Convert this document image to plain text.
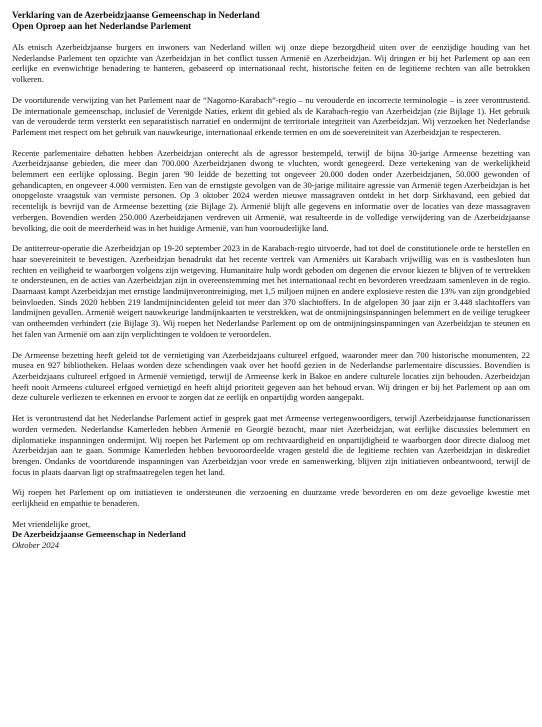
Verklaring van de Azerbeidzjaanse Gemeenschap in Nederland

Open Oproep aan het Nederlandse Parlement

Als etnisch Azerbeidzjaanse burgers en inwoners van Nederland willen wij onze diepe bezorgdheid uiten over de eenzijdige houding van het Nederlandse Parlement ten opzichte van Azerbeidzjan in het conflict tussen Armenië en Azerbeidzjan. Wij dringen er bij het Parlement op aan een eerlijke en evenwichtige benadering te hanteren, gebaseerd op internationaal recht, historische feiten en de legitieme rechten van alle betrokken volkeren.

De voortdurende verwijzing van het Parlement naar de “Nagorno-Karabach”-regio – nu verouderde en incorrecte terminologie – is zeer verontrustend. De internationale gemeenschap, inclusief de Verenigde Naties, erkent dit gebied als de Karabach-regio van Azerbeidzjan (zie Bijlage 1). Het gebruik van de verouderde term versterkt een separatistisch narratief en ondermijnt de territoriale integriteit van Azerbeidzjan. Wij verzoeken het Nederlandse Parlement met respect om het gebruik van nauwkeurige, internationaal erkende termen en om de soevereiniteit van Azerbeidzjan te respecteren.

Recente parlementaire debatten hebben Azerbeidzjan onterecht als de agressor bestempeld, terwijl de bijna 30-jarige Armeense bezetting van Azerbeidzjaanse gebieden, die meer dan 700.000 Azerbeidzjanen dwong te vluchten, wordt genegeerd. Deze vertekening van de werkelijkheid belemmert een eerlijke oplossing. Begin jaren '90 leidde de bezetting tot ongeveer 20.000 doden onder Azerbeidzjanen, 50.000 gewonden of gehandicapten, en ongeveer 4.000 vermisten. Een van de ernstigste gevolgen van de 30-jarige militaire agressie van Armenië tegen Azerbeidzjan is het onopgeloste vraagstuk van vermiste personen. Op 3 oktober 2024 werden nieuwe massagraven ontdekt in het dorp Sirkhavand, een gebied dat recentelijk is bevrijd van de Armeense bezetting (zie Bijlage 2). Armenië blijft alle gegevens en informatie over de locaties van deze massagraven verbergen. Bovendien werden 250.000 Azerbeidzjanen verdreven uit Armenië, wat resulteerde in de volledige verwijdering van de Azerbeidzjaanse bevolking, die ooit de meerderheid was in het huidige Armenië, van hun voorouderlijke land.

De antiterreur-operatie die Azerbeidzjan op 19-20 september 2023 in de Karabach-regio uitvoerde, had tot doel de constitutionele orde te herstellen en haar soevereiniteit te bevestigen. Azerbeidzjan benadrukt dat het recente vertrek van Armeniërs uit Karabach vrijwillig was en is vastbesloten hun rechten en veiligheid te waarborgen volgens zijn wetgeving. Humanitaire hulp wordt geboden om degenen die ervoor kiezen te blijven of te vertrekken te ondersteunen, en de acties van Azerbeidzjan zijn in overeenstemming met het internationaal recht en bevorderen vreedzaam samenleven in de regio. Daarnaast kampt Azerbeidzjan met ernstige landmijnverontreiniging, met 1,5 miljoen mijnen en andere explosieve resten die 13% van zijn grondgebied beïnvloeden. Sinds 2020 hebben 219 landmijnincidenten geleid tot meer dan 370 slachtoffers. In de afgelopen 30 jaar zijn er 3.448 slachtoffers van landmijnen gevallen. Armenië weigert nauwkeurige landmijnkaarten te verstrekken, wat de ontmijningsinspanningen belemmert en de veilige terugkeer van ontheemden verhindert (zie Bijlage 3). Wij roepen het Nederlandse Parlement op om de ontmijningsinspanningen van Azerbeidzjan te steunen en het falen van Armenië om aan zijn verplichtingen te voldoen te veroordelen.

De Armeense bezetting heeft geleid tot de vernietiging van Azerbeidzjaans cultureel erfgoed, waaronder meer dan 700 historische monumenten, 22 musea en 927 bibliotheken. Helaas worden deze schendingen vaak over het hoofd gezien in de Nederlandse parlementaire discussies. Bovendien is Azerbeidzjaans cultureel erfgoed in Armenië vernietigd, terwijl de Armeense kerk in Bakoe en andere culturele locaties zijn behouden. Azerbeidzjan heeft nooit Armeens cultureel erfgoed vernietigd en heeft altijd prioriteit gegeven aan het behoud ervan. Wij dringen er bij het Parlement op aan om deze culturele verliezen te erkennen en ervoor te zorgen dat ze eerlijk en onpartijdig worden aangepakt.

Het is verontrustend dat het Nederlandse Parlement actief in gesprek gaat met Armeense vertegenwoordigers, terwijl Azerbeidzjaanse functionarissen worden vermeden. Nederlandse Kamerleden hebben Armenië en Georgië bezocht, maar niet Azerbeidzjan, wat eerlijke discussies belemmert en diplomatieke inspanningen ondermijnt. Wij roepen het Parlement op om rechtvaardigheid en onpartijdigheid te waarborgen door directe dialoog met Azerbeidzjan aan te gaan. Sommige Kamerleden hebben bevooroordeelde vragen gesteld die de legitieme rechten van Azerbeidzjan in diskrediet brengen. Ondanks de voortdurende inspanningen van Azerbeidzjan voor vrede en samenwerking, blijven zijn initiatieven onbeantwoord, terwijl de focus in plaats daarvan ligt op strafmaatregelen tegen het land.

Wij roepen het Parlement op om initiatieven te ondersteunen die verzoening en duurzame vrede bevorderen en om deze gevoelige kwestie met eerlijkheid en empathie te benaderen.

Met vriendelijke groet,

De Azerbeidzjaanse Gemeenschap in Nederland

Oktober 2024
